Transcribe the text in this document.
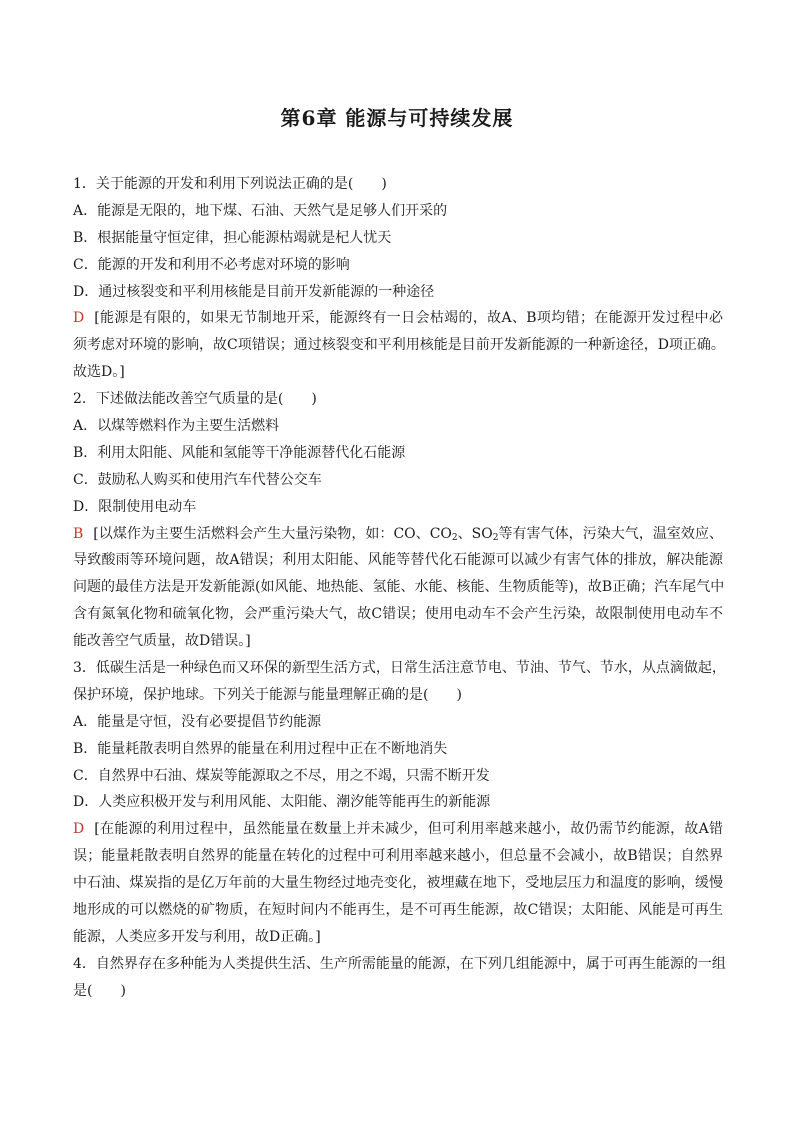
第6章 能源与可持续发展
1．关于能源的开发和利用下列说法正确的是(　　)
A．能源是无限的，地下煤、石油、天然气是足够人们开采的
B．根据能量守恒定律，担心能源枯竭就是杞人忧天
C．能源的开发和利用不必考虑对环境的影响
D．通过核裂变和平利用核能是目前开发新能源的一种途径
D [能源是有限的，如果无节制地开采，能源终有一日会枯竭的，故A、B项均错；在能源开发过程中必
须考虑对环境的影响，故C项错误；通过核裂变和平利用核能是目前开发新能源的一种新途径，D项正确。
故选D。]
2．下述做法能改善空气质量的是(　　)
A．以煤等燃料作为主要生活燃料
B．利用太阳能、风能和氢能等干净能源替代化石能源
C．鼓励私人购买和使用汽车代替公交车
D．限制使用电动车
B [以煤作为主要生活燃料会产生大量污染物，如：CO、$CO_2$、$SO_2$等有害气体，污染大气，温室效应、
导致酸雨等环境问题，故A错误；利用太阳能、风能等替代化石能源可以减少有害气体的排放，解决能源
问题的最佳方法是开发新能源(如风能、地热能、氢能、水能、核能、生物质能等)，故B正确；汽车尾气中
含有氮氧化物和硫氧化物，会严重污染大气，故C错误；使用电动车不会产生污染，故限制使用电动车不
能改善空气质量，故D错误。]
3．低碳生活是一种绿色而又环保的新型生活方式，日常生活注意节电、节油、节气、节水，从点滴做起，
保护环境，保护地球。下列关于能源与能量理解正确的是(　　)
A．能量是守恒，没有必要提倡节约能源
B．能量耗散表明自然界的能量在利用过程中正在不断地消失
C．自然界中石油、煤炭等能源取之不尽，用之不竭，只需不断开发
D．人类应积极开发与利用风能、太阳能、潮汐能等能再生的新能源
D [在能源的利用过程中，虽然能量在数量上并未减少，但可利用率越来越小，故仍需节约能源，故A错
误；能量耗散表明自然界的能量在转化的过程中可利用率越来越小，但总量不会减小，故B错误；自然界
中石油、煤炭指的是亿万年前的大量生物经过地壳变化，被埋藏在地下，受地层压力和温度的影响，缓慢
地形成的可以燃烧的矿物质，在短时间内不能再生，是不可再生能源，故C错误；太阳能、风能是可再生
能源，人类应多开发与利用，故D正确。]
4．自然界存在多种能为人类提供生活、生产所需能量的能源，在下列几组能源中，属于可再生能源的一组
是(　　)
